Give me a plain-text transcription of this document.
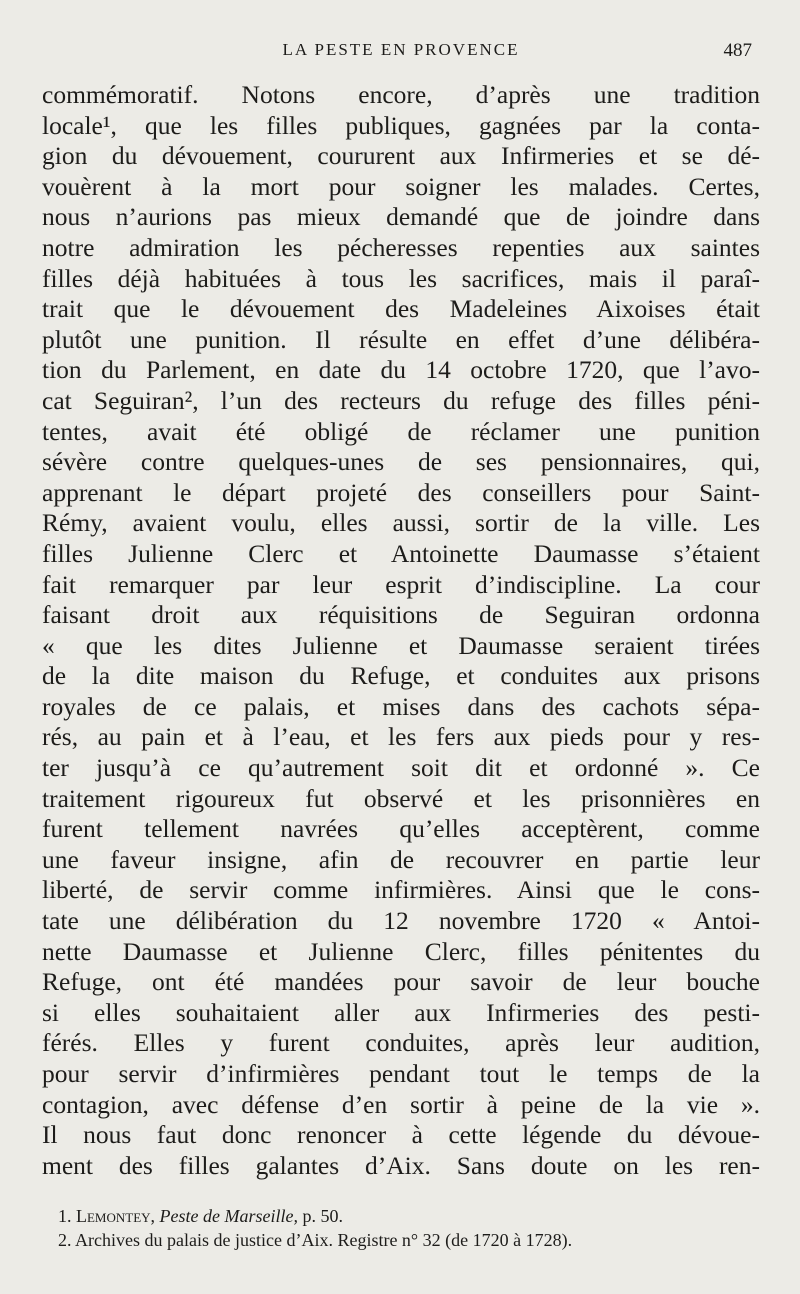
LA PESTE EN PROVENCE	487
commémoratif. Notons encore, d’après une tradition
locale¹, que les filles publiques, gagnées par la conta-
gion du dévouement, coururent aux Infirmeries et se dé-
vouèrent à la mort pour soigner les malades. Certes,
nous n’aurions pas mieux demandé que de joindre dans
notre admiration les pécheresses repenties aux saintes
filles déjà habituées à tous les sacrifices, mais il paraî-
trait que le dévouement des Madeleines Aixoises était
plutôt une punition. Il résulte en effet d’une délibéra-
tion du Parlement, en date du 14 octobre 1720, que l’avo-
cat Seguiran², l’un des recteurs du refuge des filles péni-
tentes, avait été obligé de réclamer une punition
sévère contre quelques-unes de ses pensionnaires, qui,
apprenant le départ projeté des conseillers pour Saint-
Rémy, avaient voulu, elles aussi, sortir de la ville. Les
filles Julienne Clerc et Antoinette Daumasse s’étaient
fait remarquer par leur esprit d’indiscipline. La cour
faisant droit aux réquisitions de Seguiran ordonna
« que les dites Julienne et Daumasse seraient tirées
de la dite maison du Refuge, et conduites aux prisons
royales de ce palais, et mises dans des cachots sépa-
rés, au pain et à l’eau, et les fers aux pieds pour y res-
ter jusqu’à ce qu’autrement soit dit et ordonné ». Ce
traitement rigoureux fut observé et les prisonnières en
furent tellement navrées qu’elles acceptèrent, comme
une faveur insigne, afin de recouvrer en partie leur
liberté, de servir comme infirmières. Ainsi que le cons-
tate une délibération du 12 novembre 1720 « Antoi-
nette Daumasse et Julienne Clerc, filles pénitentes du
Refuge, ont été mandées pour savoir de leur bouche
si elles souhaitaient aller aux Infirmeries des pesti-
férés. Elles y furent conduites, après leur audition,
pour servir d’infirmières pendant tout le temps de la
contagion, avec défense d’en sortir à peine de la vie ».
Il nous faut donc renoncer à cette légende du dévoue-
ment des filles galantes d’Aix. Sans doute on les ren-
1. Lemontey, Peste de Marseille, p. 50.
2. Archives du palais de justice d’Aix. Registre n° 32 (de 1720 à 1728).
